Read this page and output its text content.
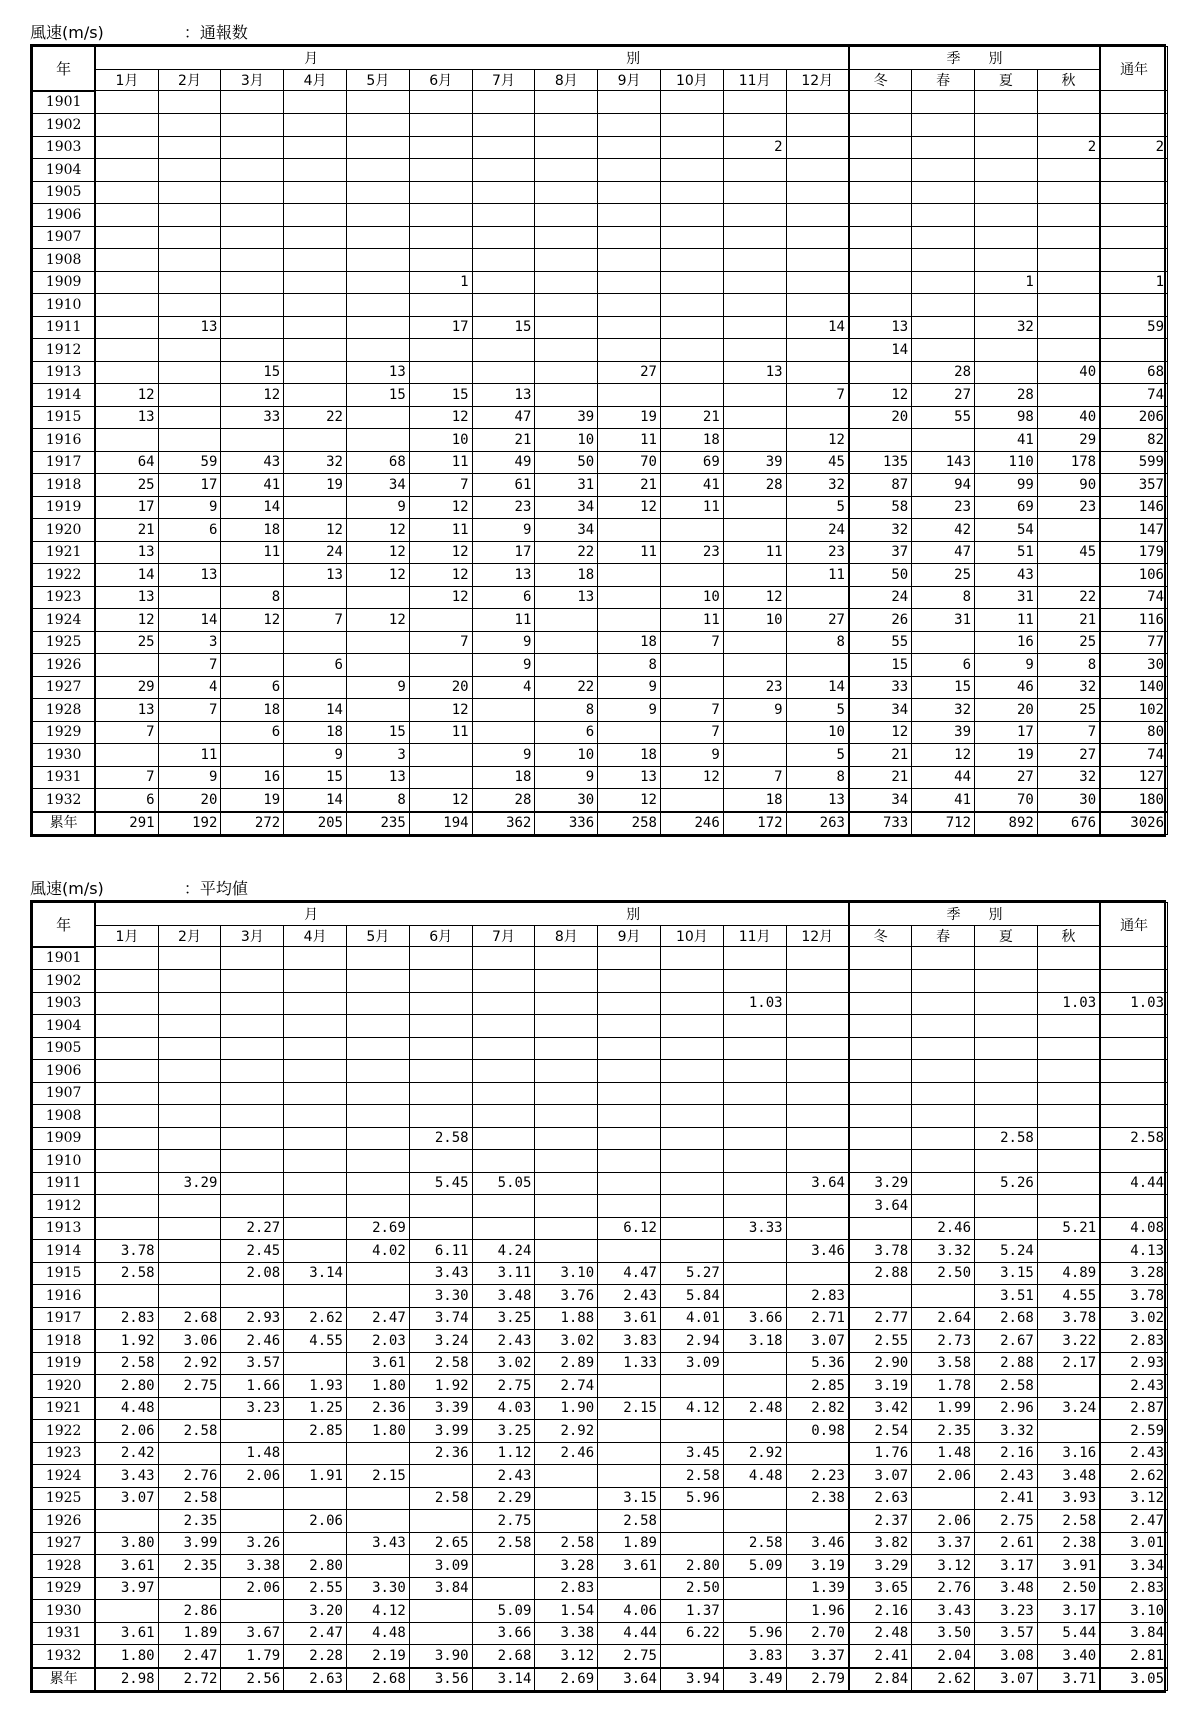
風速(m/s)　　　　　	：通報数
年	月　　　　　　　　　　　　　　　　　　　　　　別												季　　別				通年
	1月	2月	3月	4月	5月	6月	7月	8月	9月	10月	11月	12月	冬	春	夏	秋	
1901																	
1902																	
1903											2					2	2
1904																	
1905																	
1906																	
1907																	
1908																	
1909						1									1		1
1910																	
1911		13				17	15					14	13		32		59
1912													14				
1913			15		13				27		13			28		40	68
1914	12		12		15	15	13					7	12	27	28		74
1915	13		33	22		12	47	39	19	21			20	55	98	40	206
1916						10	21	10	11	18		12			41	29	82
1917	64	59	43	32	68	11	49	50	70	69	39	45	135	143	110	178	599
1918	25	17	41	19	34	7	61	31	21	41	28	32	87	94	99	90	357
1919	17	9	14		9	12	23	34	12	11		5	58	23	69	23	146
1920	21	6	18	12	12	11	9	34				24	32	42	54		147
1921	13		11	24	12	12	17	22	11	23	11	23	37	47	51	45	179
1922	14	13		13	12	12	13	18				11	50	25	43		106
1923	13		8			12	6	13		10	12		24	8	31	22	74
1924	12	14	12	7	12		11			11	10	27	26	31	11	21	116
1925	25	3				7	9		18	7		8	55		16	25	77
1926		7		6			9		8				15	6	9	8	30
1927	29	4	6		9	20	4	22	9		23	14	33	15	46	32	140
1928	13	7	18	14		12		8	9	7	9	5	34	32	20	25	102
1929	7		6	18	15	11		6		7		10	12	39	17	7	80
1930		11		9	3		9	10	18	9		5	21	12	19	27	74
1931	7	9	16	15	13		18	9	13	12	7	8	21	44	27	32	127
1932	6	20	19	14	8	12	28	30	12		18	13	34	41	70	30	180
累年	291	192	272	205	235	194	362	336	258	246	172	263	733	712	892	676	3026
風速(m/s)　　　　　	：平均値
年	月　　　　　　　　　　　　　　　　　　　　　　別												季　　別				通年
	1月	2月	3月	4月	5月	6月	7月	8月	9月	10月	11月	12月	冬	春	夏	秋	
1901																	
1902																	
1903											1.03					1.03	1.03
1904																	
1905																	
1906																	
1907																	
1908																	
1909						2.58									2.58		2.58
1910																	
1911		3.29				5.45	5.05					3.64	3.29		5.26		4.44
1912													3.64				
1913			2.27		2.69				6.12		3.33			2.46		5.21	4.08
1914	3.78		2.45		4.02	6.11	4.24					3.46	3.78	3.32	5.24		4.13
1915	2.58		2.08	3.14		3.43	3.11	3.10	4.47	5.27			2.88	2.50	3.15	4.89	3.28
1916						3.30	3.48	3.76	2.43	5.84		2.83			3.51	4.55	3.78
1917	2.83	2.68	2.93	2.62	2.47	3.74	3.25	1.88	3.61	4.01	3.66	2.71	2.77	2.64	2.68	3.78	3.02
1918	1.92	3.06	2.46	4.55	2.03	3.24	2.43	3.02	3.83	2.94	3.18	3.07	2.55	2.73	2.67	3.22	2.83
1919	2.58	2.92	3.57		3.61	2.58	3.02	2.89	1.33	3.09		5.36	2.90	3.58	2.88	2.17	2.93
1920	2.80	2.75	1.66	1.93	1.80	1.92	2.75	2.74				2.85	3.19	1.78	2.58		2.43
1921	4.48		3.23	1.25	2.36	3.39	4.03	1.90	2.15	4.12	2.48	2.82	3.42	1.99	2.96	3.24	2.87
1922	2.06	2.58		2.85	1.80	3.99	3.25	2.92				0.98	2.54	2.35	3.32		2.59
1923	2.42		1.48			2.36	1.12	2.46		3.45	2.92		1.76	1.48	2.16	3.16	2.43
1924	3.43	2.76	2.06	1.91	2.15		2.43			2.58	4.48	2.23	3.07	2.06	2.43	3.48	2.62
1925	3.07	2.58				2.58	2.29		3.15	5.96		2.38	2.63		2.41	3.93	3.12
1926		2.35		2.06			2.75		2.58				2.37	2.06	2.75	2.58	2.47
1927	3.80	3.99	3.26		3.43	2.65	2.58	2.58	1.89		2.58	3.46	3.82	3.37	2.61	2.38	3.01
1928	3.61	2.35	3.38	2.80		3.09		3.28	3.61	2.80	5.09	3.19	3.29	3.12	3.17	3.91	3.34
1929	3.97		2.06	2.55	3.30	3.84		2.83		2.50		1.39	3.65	2.76	3.48	2.50	2.83
1930		2.86		3.20	4.12		5.09	1.54	4.06	1.37		1.96	2.16	3.43	3.23	3.17	3.10
1931	3.61	1.89	3.67	2.47	4.48		3.66	3.38	4.44	6.22	5.96	2.70	2.48	3.50	3.57	5.44	3.84
1932	1.80	2.47	1.79	2.28	2.19	3.90	2.68	3.12	2.75		3.83	3.37	2.41	2.04	3.08	3.40	2.81
累年	2.98	2.72	2.56	2.63	2.68	3.56	3.14	2.69	3.64	3.94	3.49	2.79	2.84	2.62	3.07	3.71	3.05
